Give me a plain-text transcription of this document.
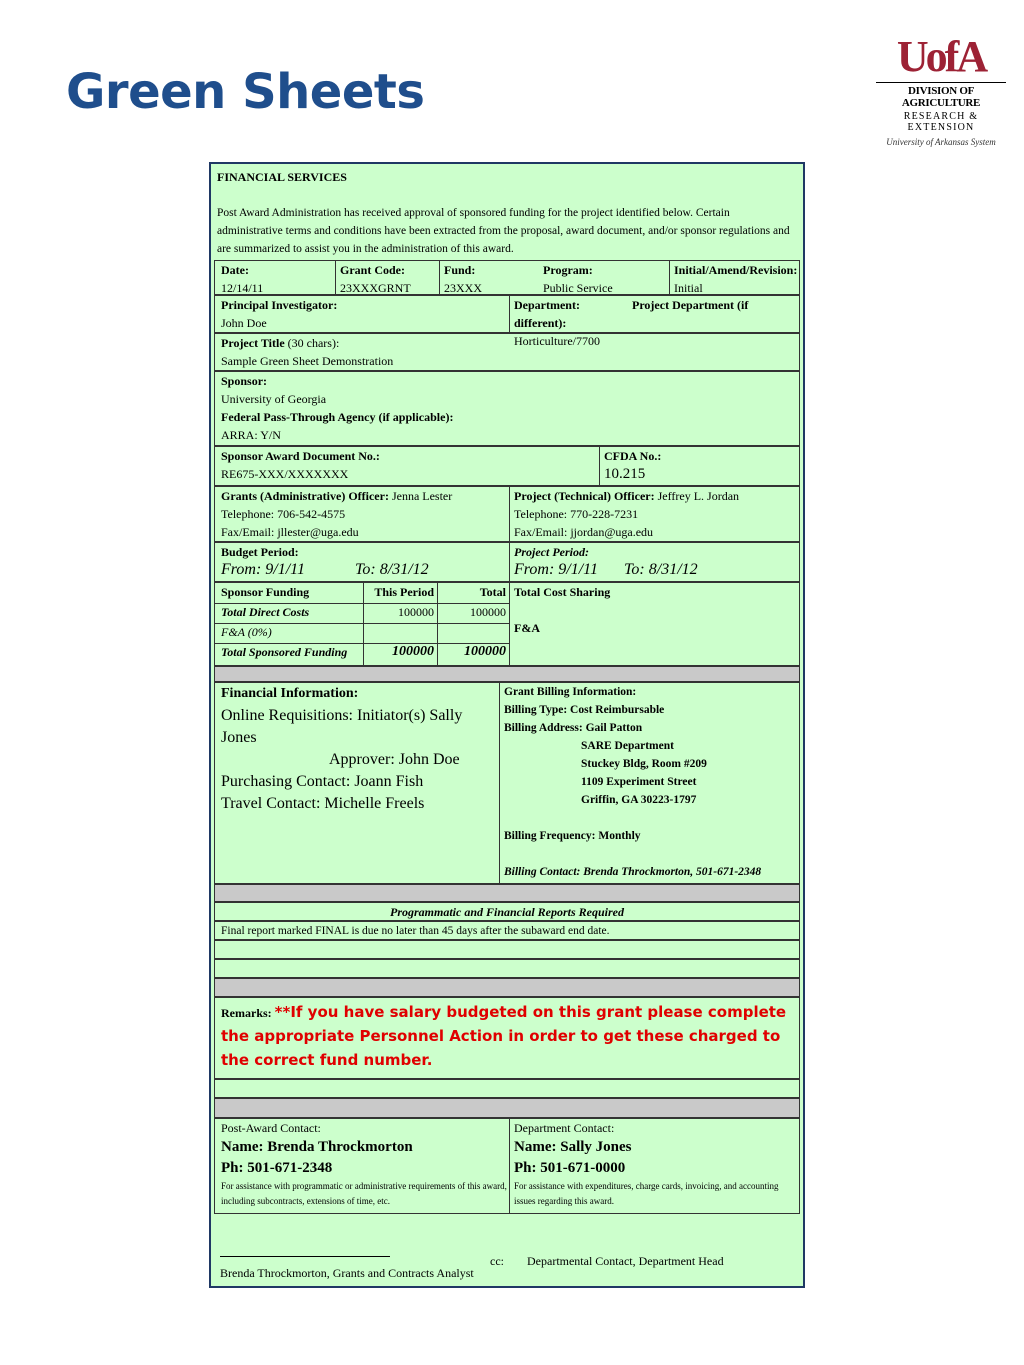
Green Sheets
UofA
DIVISION OF AGRICULTURE
RESEARCH & EXTENSION
University of Arkansas System
FINANCIAL SERVICES
Post Award Administration has received approval of sponsored funding for the project identified below. Certain administrative terms and conditions have been extracted from the proposal, award document, and/or sponsor regulations and are summarized to assist you in the administration of this award.
Date:
12/14/11
Grant Code:
23XXXGRNT
Fund:
23XXX
Program:
Public Service
Initial/Amend/Revision:
Initial
Principal Investigator:
John Doe
Department:	Project Department (if different):
Horticulture/7700
Project Title (30 chars):
Sample Green Sheet Demonstration
Sponsor:
University of Georgia
Federal Pass-Through Agency (if applicable):
ARRA: Y/N
Sponsor Award Document No.:
RE675-XXX/XXXXXXX
CFDA No.:
10.215
Grants (Administrative) Officer: Jenna Lester
Telephone: 706-542-4575
Fax/Email: jllester@uga.edu
Project (Technical) Officer: Jeffrey L. Jordan
Telephone: 770-228-7231
Fax/Email: jjordan@uga.edu
Budget Period:
From: 9/1/11	To: 8/31/12
Project Period:
From: 9/1/11 To: 8/31/12
Sponsor Funding	This Period	Total
Total Direct Costs	100000	100000
F&A (0%)
Total Sponsored Funding	100000	100000
Total Cost Sharing
F&A
Financial Information:
Online Requisitions: Initiator(s) Sally Jones
Approver: John Doe
Purchasing Contact: Joann Fish
Travel Contact: Michelle Freels
Grant Billing Information:
Billing Type: Cost Reimbursable
Billing Address: Gail Patton
SARE Department
Stuckey Bldg, Room #209
1109 Experiment Street
Griffin, GA 30223-1797
Billing Frequency: Monthly
Billing Contact: Brenda Throckmorton, 501-671-2348
Programmatic and Financial Reports Required
Final report marked FINAL is due no later than 45 days after the subaward end date.
Remarks: **If you have salary budgeted on this grant please complete the appropriate Personnel Action in order to get these charged to the correct fund number.
Post-Award Contact:
Name: Brenda Throckmorton
Ph: 501-671-2348
For assistance with programmatic or administrative requirements of this award, including subcontracts, extensions of time, etc.
Department Contact:
Name: Sally Jones
Ph: 501-671-0000
For assistance with expenditures, charge cards, invoicing, and accounting issues regarding this award.
cc: Departmental Contact, Department Head
Brenda Throckmorton, Grants and Contracts Analyst
